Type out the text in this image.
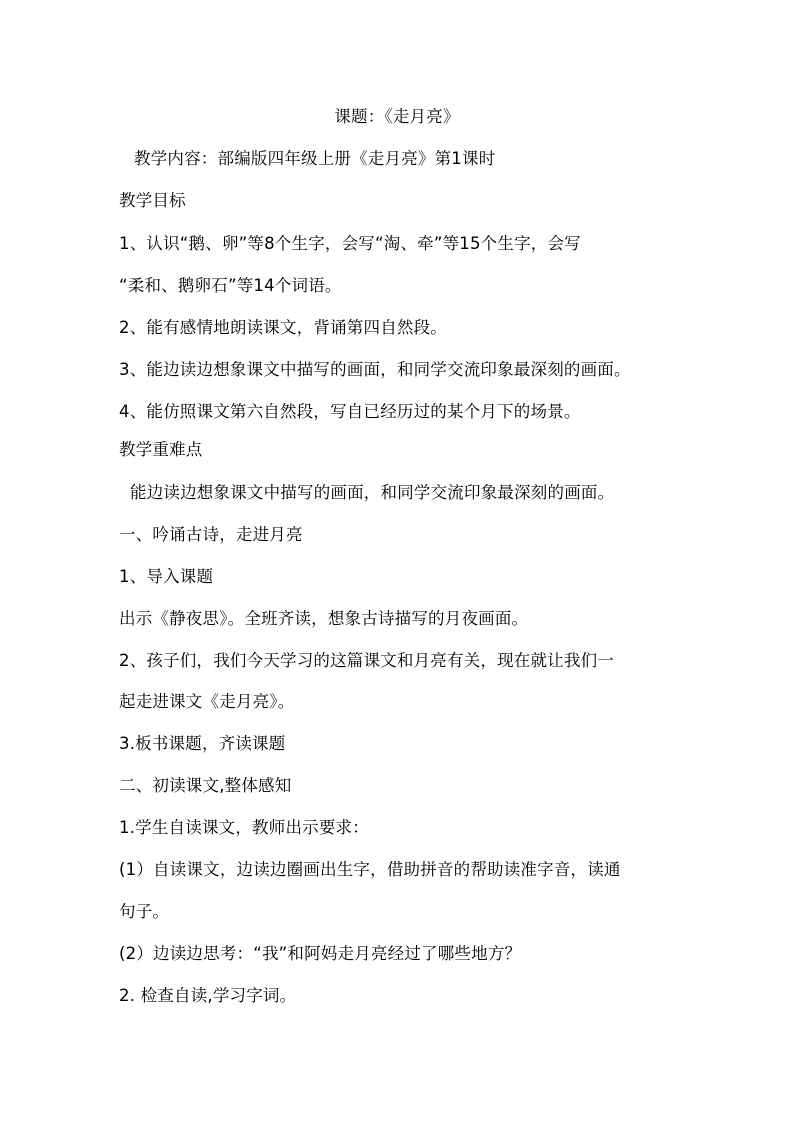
课题：《走月亮》
教学内容：部编版四年级上册《走月亮》第1课时
教学目标
1、认识“鹅、卵”等8个生字，会写“淘、牵”等15个生字，会写
“柔和、鹅卵石”等14个词语。
2、能有感情地朗读课文，背诵第四自然段。
3、能边读边想象课文中描写的画面，和同学交流印象最深刻的画面。
4、能仿照课文第六自然段，写自已经历过的某个月下的场景。
教学重难点
能边读边想象课文中描写的画面，和同学交流印象最深刻的画面。
一、吟诵古诗，走进月亮
1、导入课题
出示《静夜思》。全班齐读，想象古诗描写的月夜画面。
2、孩子们，我们今天学习的这篇课文和月亮有关，现在就让我们一
起走进课文《走月亮》。
3.板书课题，齐读课题
二、初读课文,整体感知
1.学生自读课文，教师出示要求：
(1）自读课文，边读边圈画出生字，借助拼音的帮助读准字音，读通
句子。
(2）边读边思考：“我”和阿妈走月亮经过了哪些地方？
2. 检查自读,学习字词。
